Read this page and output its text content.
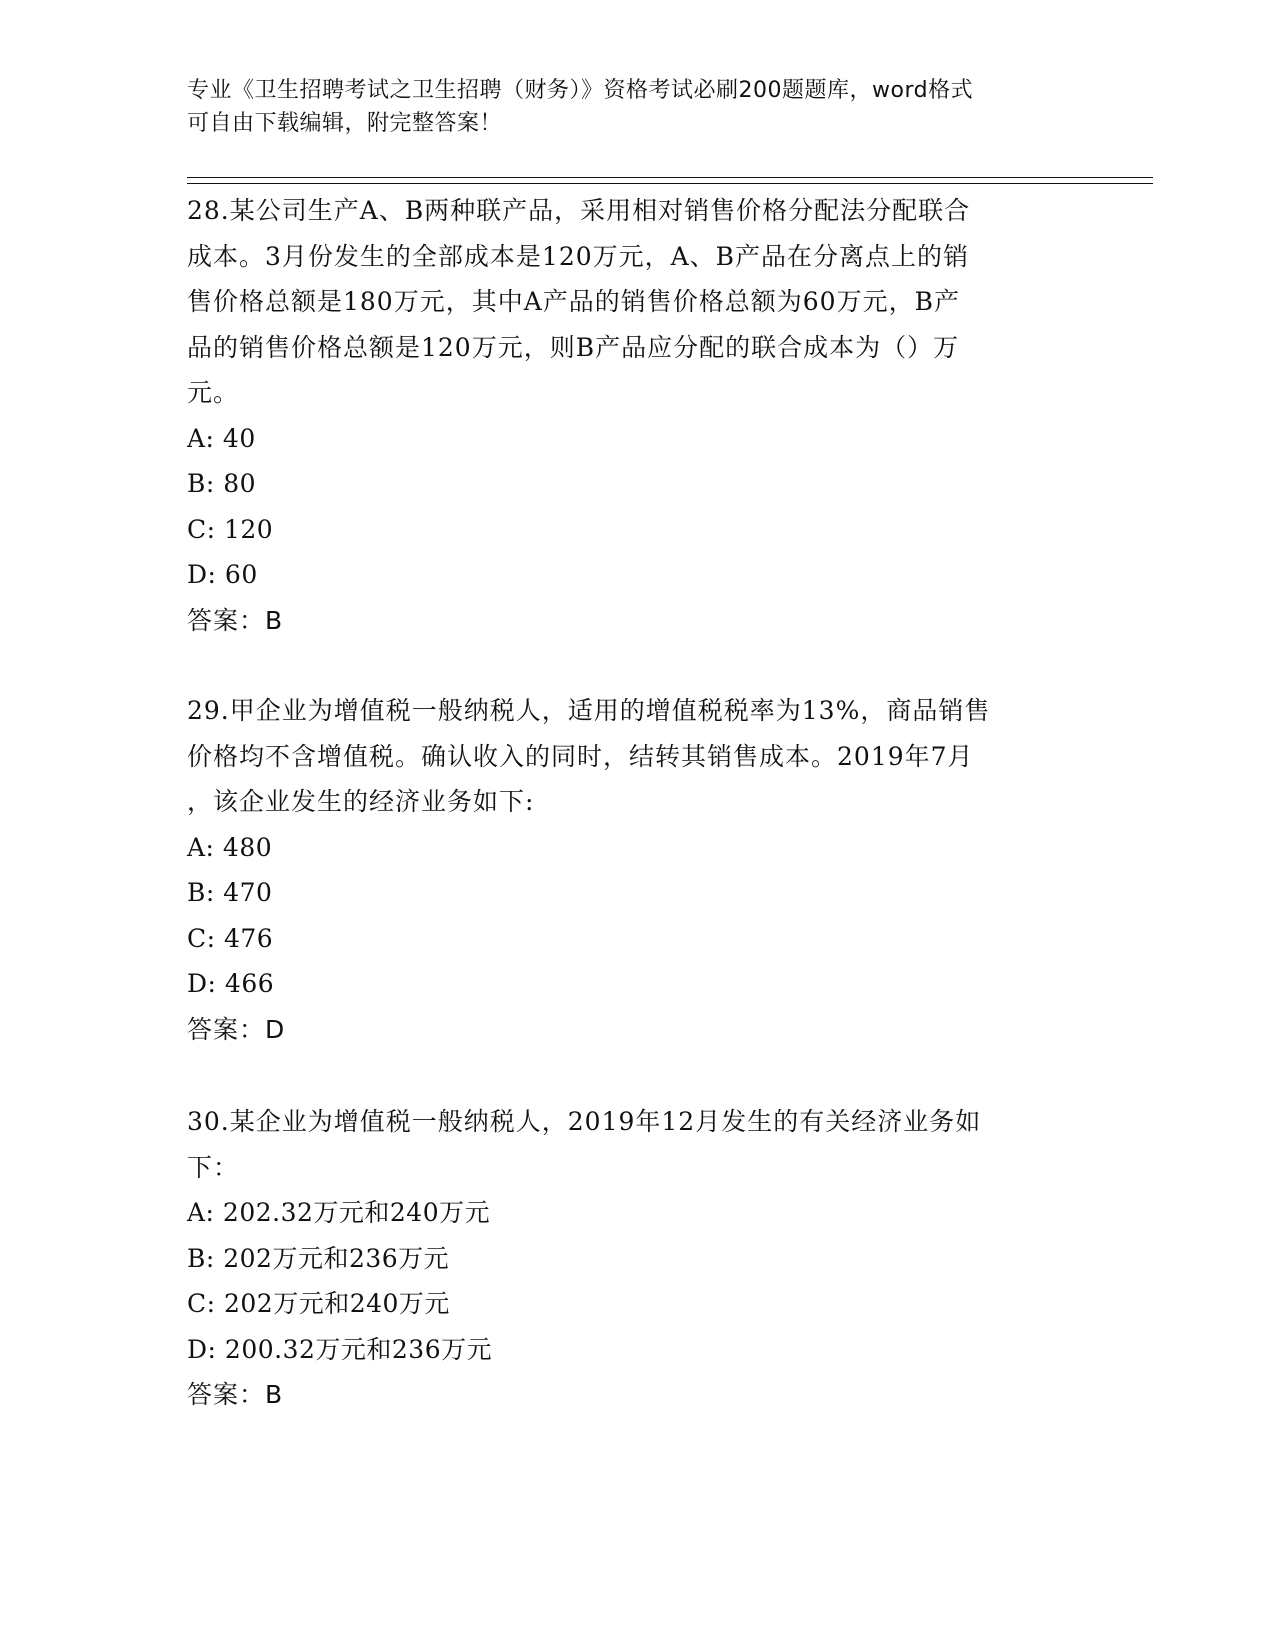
专业《卫生招聘考试之卫生招聘（财务）》资格考试必刷200题题库，word格式
可自由下载编辑，附完整答案！
28.某公司生产A、B两种联产品，采用相对销售价格分配法分配联合
成本。3月份发生的全部成本是120万元，A、B产品在分离点上的销
售价格总额是180万元，其中A产品的销售价格总额为60万元，B产
品的销售价格总额是120万元，则B产品应分配的联合成本为（）万
元。
A: 40
B: 80
C: 120
D: 60
答案：B
29.甲企业为增值税一般纳税人，适用的增值税税率为13%，商品销售
价格均不含增值税。确认收入的同时，结转其销售成本。2019年7月
，该企业发生的经济业务如下:
A: 480
B: 470
C: 476
D: 466
答案：D
30.某企业为增值税一般纳税人，2019年12月发生的有关经济业务如
下：
A: 202.32万元和240万元
B: 202万元和236万元
C: 202万元和240万元
D: 200.32万元和236万元
答案：B
